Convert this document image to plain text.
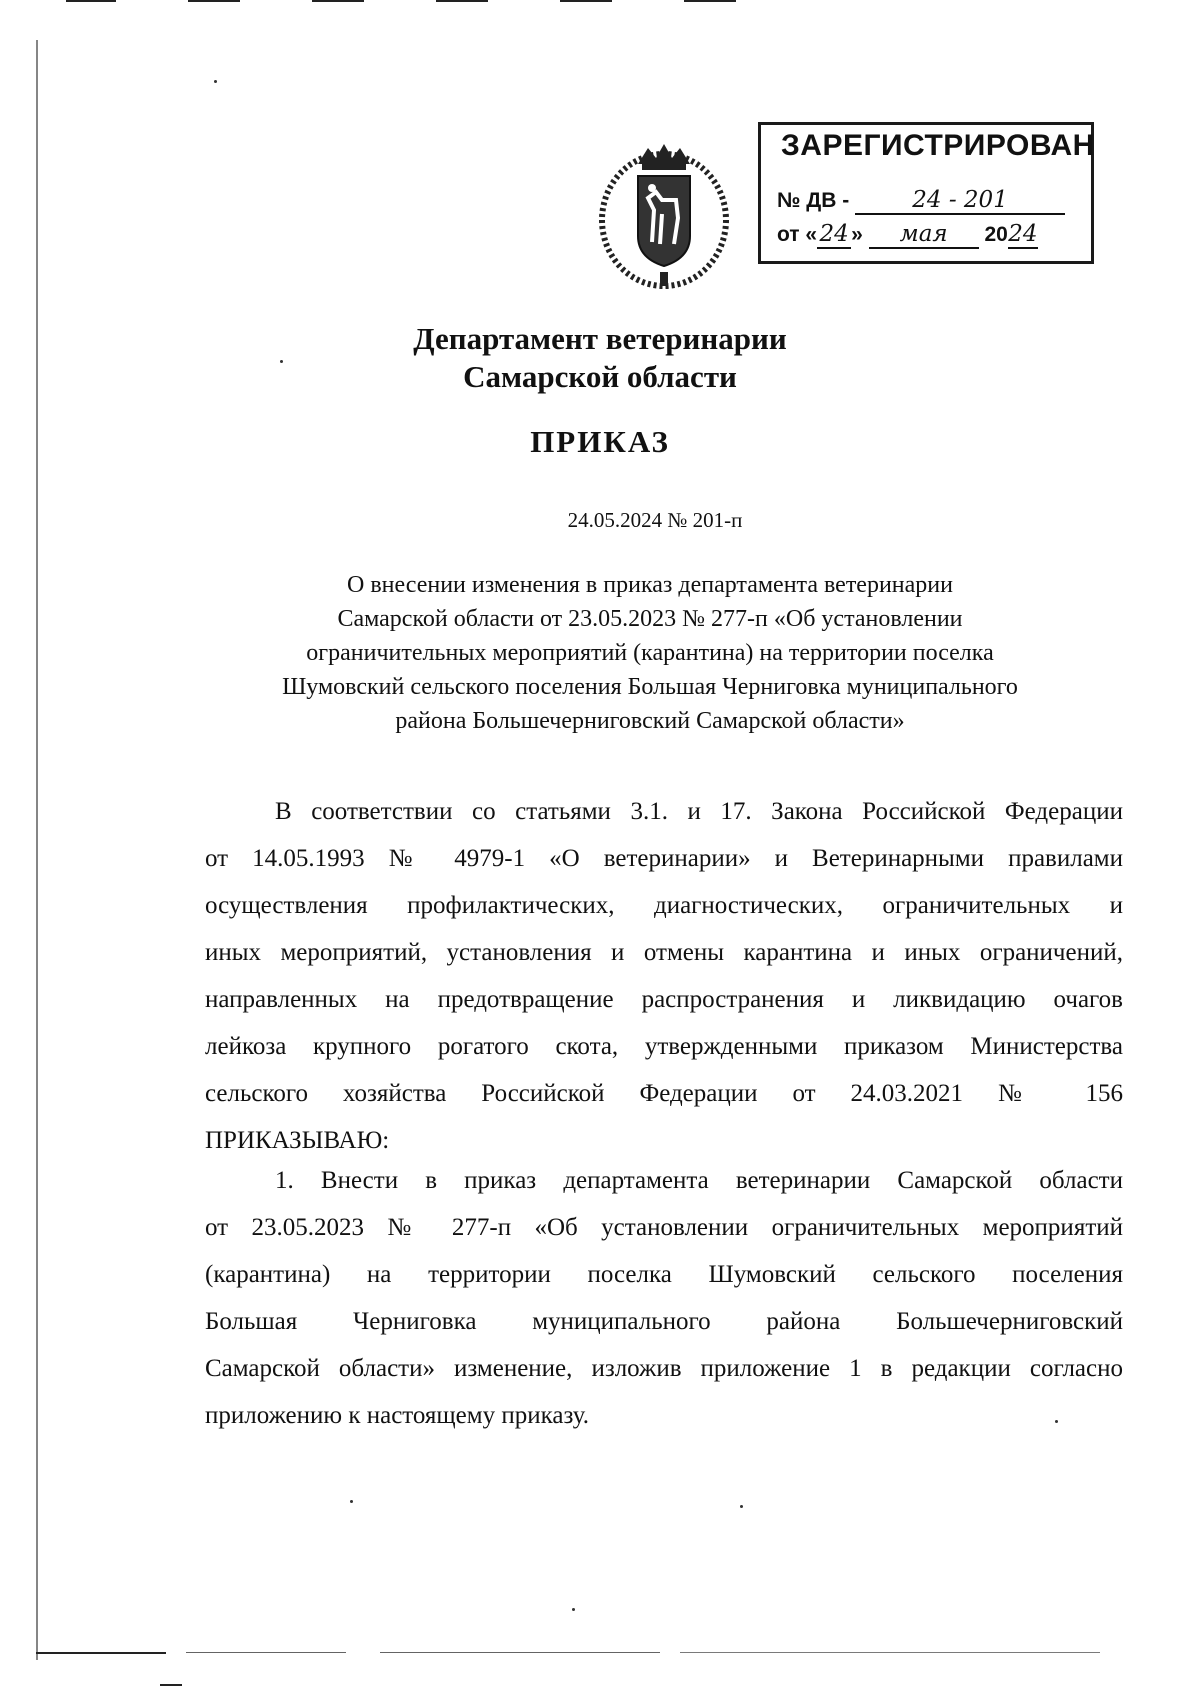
ЗАРЕГИСТРИРОВАН
№ ДВ -	24 - 201
от « 24 » мая 2024
Департамент ветеринарии
Самарской области
ПРИКАЗ
24.05.2024 № 201-п
О внесении изменения в приказ департамента ветеринарии
Самарской области от 23.05.2023 № 277-п «Об установлении
ограничительных мероприятий (карантина) на территории поселка
Шумовский сельского поселения Большая Черниговка муниципального
района Большечерниговский Самарской области»
В соответствии со статьями 3.1. и 17. Закона Российской Федерации
от 14.05.1993 № 4979-1 «О ветеринарии» и Ветеринарными правилами
осуществления профилактических, диагностических, ограничительных и
иных мероприятий, установления и отмены карантина и иных ограничений,
направленных на предотвращение распространения и ликвидацию очагов
лейкоза крупного рогатого скота, утвержденными приказом Министерства
сельского хозяйства Российской Федерации от 24.03.2021 № 156
ПРИКАЗЫВАЮ:
1. Внести в приказ департамента ветеринарии Самарской области
от 23.05.2023 № 277-п «Об установлении ограничительных мероприятий
(карантина) на территории поселка Шумовский сельского поселения
Большая Черниговка муниципального района Большечерниговский
Самарской области» изменение, изложив приложение 1 в редакции согласно
приложению к настоящему приказу.
